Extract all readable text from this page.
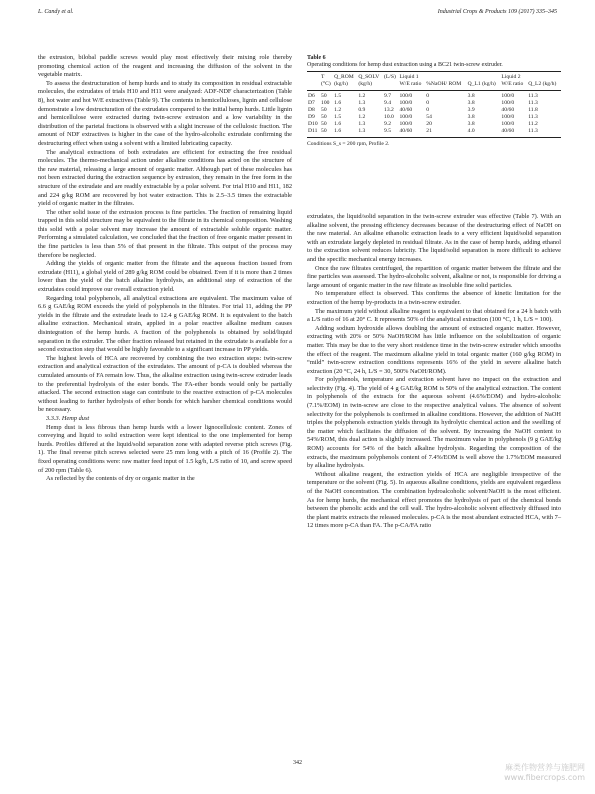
L. Candy et al.	Industrial Crops & Products 109 (2017) 335–345

the extrusion, bilobal paddle screws would play most effectively their mixing role thereby promoting chemical action of the reagent and increasing the diffusion of the solvent in the vegetable matrix.

To assess the destructuration of hemp hurds and to study its composition in residual extractable molecules, the extrudates of trials H10 and H11 were analyzed: ADF-NDF characterization (Table 8), hot water and hot W/E extractives (Table 9). The contents in hemicelluloses, lignin and cellulose demonstrate a low destructuration of the extrudates compared to the initial hemp hurds. Little lignin and hemicellulose were extracted during twin-screw extrusion and a low variability in the distribution of the parietal fractions is observed with a slight increase of the cellulosic fraction. The amount of NDF extractives is higher in the case of the hydro-alcoholic extrudate confirming the destructuring effect when using a solvent with a limited lubricating capacity.

The analytical extractions of both extrudates are efficient for extracting the free residual molecules. The thermo-mechanical action under alkaline conditions has acted on the structure of the raw material, releasing a large amount of organic matter. Although part of these molecules has not been extracted during the extraction sequence by extrusion, they remain in the free form in the structure of the extrudate and are readily extractable by a polar solvent. For trial H10 and H11, 182 and 224 g/kg ROM are recovered by hot water extraction. This is 2.5–3.5 times the extractable yield of organic matter in the filtrates.

The other solid issue of the extrusion process is fine particles. The fraction of remaining liquid trapped in this solid structure may be equivalent to the filtrate in its chemical composition. Washing this solid with a polar solvent may increase the amount of extractable soluble organic matter. Performing a simulated calculation, we concluded that the fraction of free organic matter present in the fine particles is less than 5% of that present in the filtrate. This output of the process may therefore be neglected.

Adding the yields of organic matter from the filtrate and the aqueous fraction issued from extrudate (H11), a global yield of 289 g/kg ROM could be obtained. Even if it is more than 2 times lower than the yield of the batch alkaline hydrolysis, an additional step of extraction of the extrudates could improve our overall extraction yield.

Regarding total polyphenols, all analytical extractions are equivalent. The maximum value of 6.6 g GAE/kg ROM exceeds the yield of polyphenols in the filtrates. For trial 11, adding the PP yields in the filtrate and the extrudate leads to 12.4 g GAE/kg ROM. It is equivalent to the batch alkaline extraction. Mechanical strain, applied in a polar reactive alkaline medium causes disintegration of the hemp hurds. A fraction of the polyphenols is obtained by solid/liquid separation in the extruder. The other fraction released but retained in the extrudate is available for a second extraction step that would be highly favorable to a significant increase in PP yields.

The highest levels of HCA are recovered by combining the two extraction steps: twin-screw extraction and analytical extraction of the extrudates. The amount of p-CA is doubled whereas the cumulated amounts of FA remain low. Thus, the alkaline extraction using twin-screw extruder leads to the preferential hydrolysis of the ester bonds. The FA-ether bonds would only be partially attacked. The second extraction stage can contribute to the reactive extraction of p-CA molecules without leading to further hydrolysis of ether bonds for which harsher chemical conditions would be necessary.

3.3.3. Hemp dust

Hemp dust is less fibrous than hemp hurds with a lower lignocellulosic content. Zones of conveying and liquid to solid extraction were kept identical to the one implemented for hemp hurds. Profiles differed at the liquid/solid separation zone with adapted reverse pitch screws (Fig. 1). The final reverse pitch screws selected were 25 mm long with a pitch of 16 (Profile 2). The fixed operating conditions were: raw matter feed input of 1.5 kg/h, L/S ratio of 10, and screw speed of 200 rpm (Table 6).

As reflected by the contents of dry or organic matter in the

Table 6
Operating conditions for hemp dust extraction using a BC21 twin-screw extruder.
	T	Q_ROM	Q_SOLV	(L/S)	Liquid 1			Liquid 2	
	(°C)	(kg/h)	(kg/h)		W/E ratio	%NaOH/ ROM	Q_L1 (kg/h)	W/E ratio	Q_L2 (kg/h)
D6	50	1.5	1.2	9.7	100/0	0	3.8	100/0	11.3
D7	100	1.6	1.3	9.4	100/0	0	3.8	100/0	11.3
D8	50	1.2	0.9	13.2	40/60	0	3.9	40/60	11.8
D9	50	1.5	1.2	10.0	100/0	54	3.8	100/0	11.3
D10	50	1.6	1.3	9.2	100/0	20	3.8	100/0	11.2
D11	50	1.6	1.3	9.5	40/60	21	4.0	40/60	11.3
Conditions S_s = 200 rpm, Profile 2.

extrudates, the liquid/solid separation in the twin-screw extruder was effective (Table 7). With an alkaline solvent, the pressing efficiency decreases because of the destructuring effect of NaOH on the raw material. An alkaline ethanolic extraction leads to a very efficient liquid/solid separation with an extrudate largely depleted in residual filtrate. As in the case of hemp hurds, adding ethanol to the extraction solvent reduces lubricity. The liquid/solid separation is more difficult to achieve and the specific mechanical energy increases.

Once the raw filtrates centrifuged, the repartition of organic matter between the filtrate and the fine particles was assessed. The hydro-alcoholic solvent, alkaline or not, is responsible for driving a large amount of organic matter in the raw filtrate as insoluble fine solid particles.

No temperature effect is observed. This confirms the absence of kinetic limitation for the extraction of the hemp by-products in a twin-screw extruder.

The maximum yield without alkaline reagent is equivalent to that obtained for a 24 h batch with a L/S ratio of 16 at 20° C. It represents 50% of the analytical extraction (100 °C, 1 h, L/S = 100).

Adding sodium hydroxide allows doubling the amount of extracted organic matter. However, extracting with 20% or 50% NaOH/ROM has little influence on the solubilization of organic matter. This may be due to the very short residence time in the twin-screw extruder which smooths the effect of the reagent. The maximum alkaline yield in total organic matter (160 g/kg ROM) in “mild” twin-screw extraction conditions represents 16% of the yield in severe alkaline batch extraction (20 °C, 24 h, L/S = 30, 500% NaOH/ROM).

For polyphenols, temperature and extraction solvent have no impact on the extraction and selectivity (Fig. 4). The yield of 4 g GAE/kg ROM is 50% of the analytical extraction. The content in polyphenols of the extracts for the aqueous solvent (4.6%/EOM) and hydro-alcoholic (7.1%/EOM) in twin-screw are close to the respective analytical values. The absence of solvent selectivity for the polyphenols is confirmed in alkaline conditions. However, the addition of NaOH triples the polyphenols extraction yields through its hydrolytic chemical action and the swelling of the matter which facilitates the diffusion of the solvent. By increasing the NaOH content to 54%/ROM, this dual action is slightly increased. The maximum value in polyphenols (9 g GAE/kg ROM) accounts for 54% of the batch alkaline hydrolysis. Regarding the composition of the extracts, the maximum polyphenols content of 7.4%/EOM is well above the 1.7%/EOM measured by alkaline hydrolysis.

Without alkaline reagent, the extraction yields of HCA are negligible irrespective of the temperature or the solvent (Fig. 5). In aqueous alkaline conditions, yields are equivalent regardless of the NaOH concentration. The combination hydroalcoholic solvent/NaOH is the most efficient. As for hemp hurds, the mechanical effect promotes the hydrolysis of part of the chemical bonds between the phenolic acids and the cell wall. The hydro-alcoholic solvent effectively diffused into the plant matrix extracts the released molecules. p-CA is the most abundant extracted HCA, with 7–12 times more p-CA than FA. The p-CA/FA ratio

342	麻类作物营养与施肥网
www.fibercrops.com
